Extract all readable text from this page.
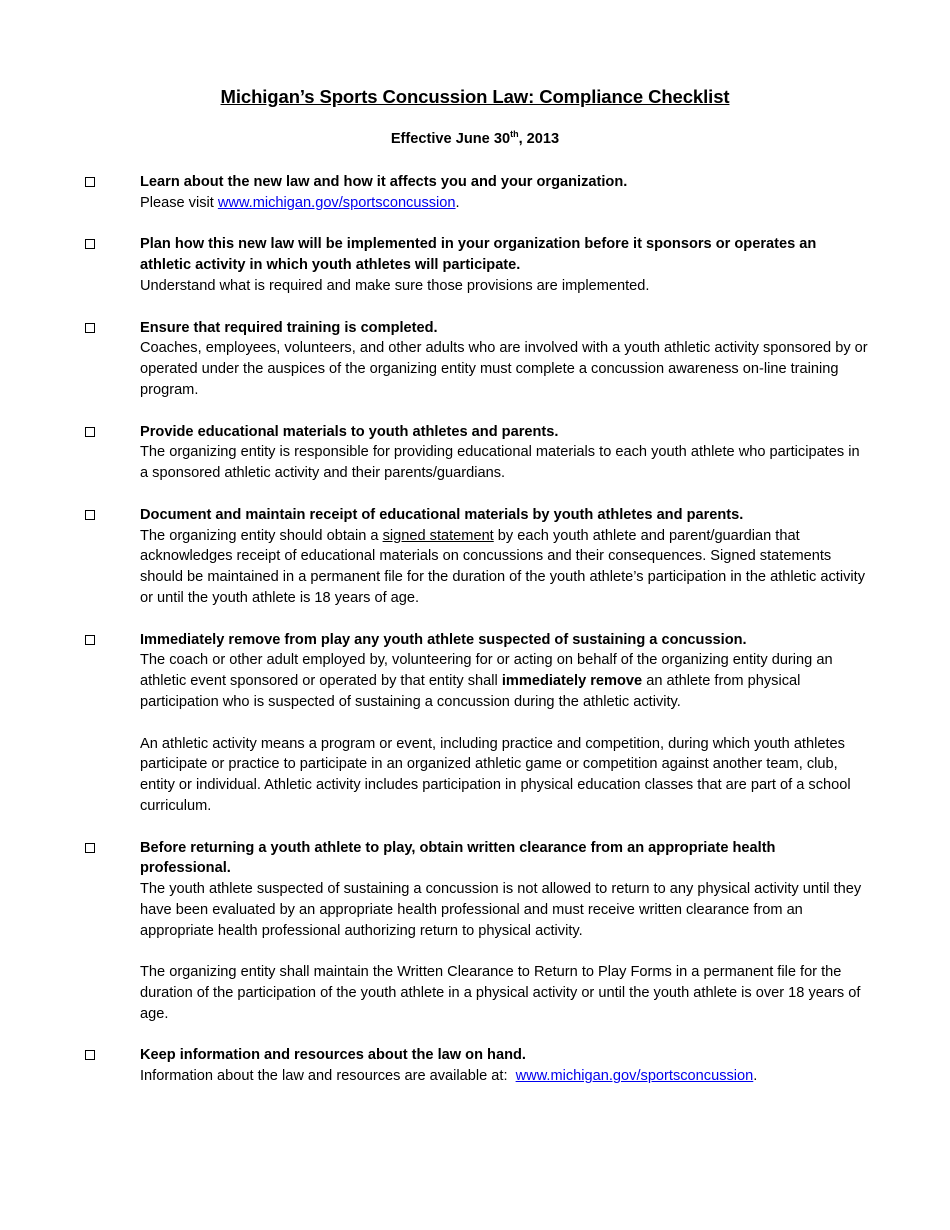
Michigan’s Sports Concussion Law: Compliance Checklist
Effective June 30th, 2013
Learn about the new law and how it affects you and your organization.
Please visit www.michigan.gov/sportsconcussion.
Plan how this new law will be implemented in your organization before it sponsors or operates an athletic activity in which youth athletes will participate.
Understand what is required and make sure those provisions are implemented.
Ensure that required training is completed.
Coaches, employees, volunteers, and other adults who are involved with a youth athletic activity sponsored by or operated under the auspices of the organizing entity must complete a concussion awareness on-line training program.
Provide educational materials to youth athletes and parents.
The organizing entity is responsible for providing educational materials to each youth athlete who participates in a sponsored athletic activity and their parents/guardians.
Document and maintain receipt of educational materials by youth athletes and parents.
The organizing entity should obtain a signed statement by each youth athlete and parent/guardian that acknowledges receipt of educational materials on concussions and their consequences. Signed statements should be maintained in a permanent file for the duration of the youth athlete’s participation in the athletic activity or until the youth athlete is 18 years of age.
Immediately remove from play any youth athlete suspected of sustaining a concussion.
The coach or other adult employed by, volunteering for or acting on behalf of the organizing entity during an athletic event sponsored or operated by that entity shall immediately remove an athlete from physical participation who is suspected of sustaining a concussion during the athletic activity.
An athletic activity means a program or event, including practice and competition, during which youth athletes participate or practice to participate in an organized athletic game or competition against another team, club, entity or individual. Athletic activity includes participation in physical education classes that are part of a school curriculum.
Before returning a youth athlete to play, obtain written clearance from an appropriate health professional.
The youth athlete suspected of sustaining a concussion is not allowed to return to any physical activity until they have been evaluated by an appropriate health professional and must receive written clearance from an appropriate health professional authorizing return to physical activity.
The organizing entity shall maintain the Written Clearance to Return to Play Forms in a permanent file for the duration of the participation of the youth athlete in a physical activity or until the youth athlete is over 18 years of age.
Keep information and resources about the law on hand.
Information about the law and resources are available at:  www.michigan.gov/sportsconcussion.
